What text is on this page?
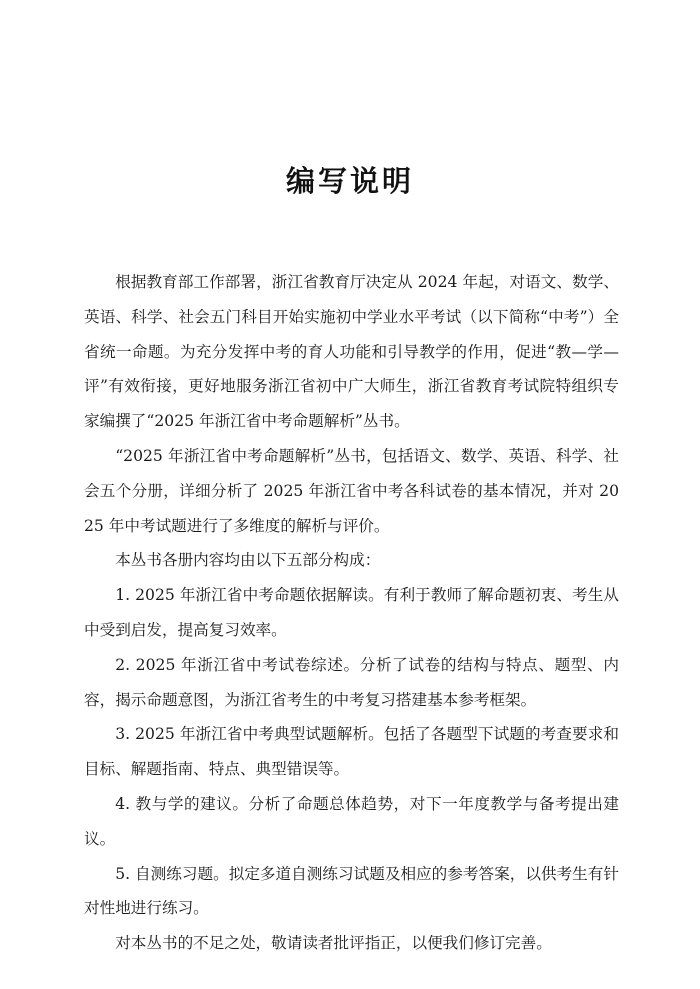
编写说明

根据教育部工作部署，浙江省教育厅决定从 2024 年起，对语文、数学、英语、科学、社会五门科目开始实施初中学业水平考试（以下简称“中考”）全省统一命题。为充分发挥中考的育人功能和引导教学的作用，促进“教—学—评”有效衔接，更好地服务浙江省初中广大师生，浙江省教育考试院特组织专家编撰了“2025 年浙江省中考命题解析”丛书。

“2025 年浙江省中考命题解析”丛书，包括语文、数学、英语、科学、社会五个分册，详细分析了 2025 年浙江省中考各科试卷的基本情况，并对 2025 年中考试题进行了多维度的解析与评价。

本丛书各册内容均由以下五部分构成：

1. 2025 年浙江省中考命题依据解读。有利于教师了解命题初衷、考生从中受到启发，提高复习效率。

2. 2025 年浙江省中考试卷综述。分析了试卷的结构与特点、题型、内容，揭示命题意图，为浙江省考生的中考复习搭建基本参考框架。

3. 2025 年浙江省中考典型试题解析。包括了各题型下试题的考查要求和目标、解题指南、特点、典型错误等。

4. 教与学的建议。分析了命题总体趋势，对下一年度教学与备考提出建议。

5. 自测练习题。拟定多道自测练习试题及相应的参考答案，以供考生有针对性地进行练习。

对本丛书的不足之处，敬请读者批评指正，以便我们修订完善。
